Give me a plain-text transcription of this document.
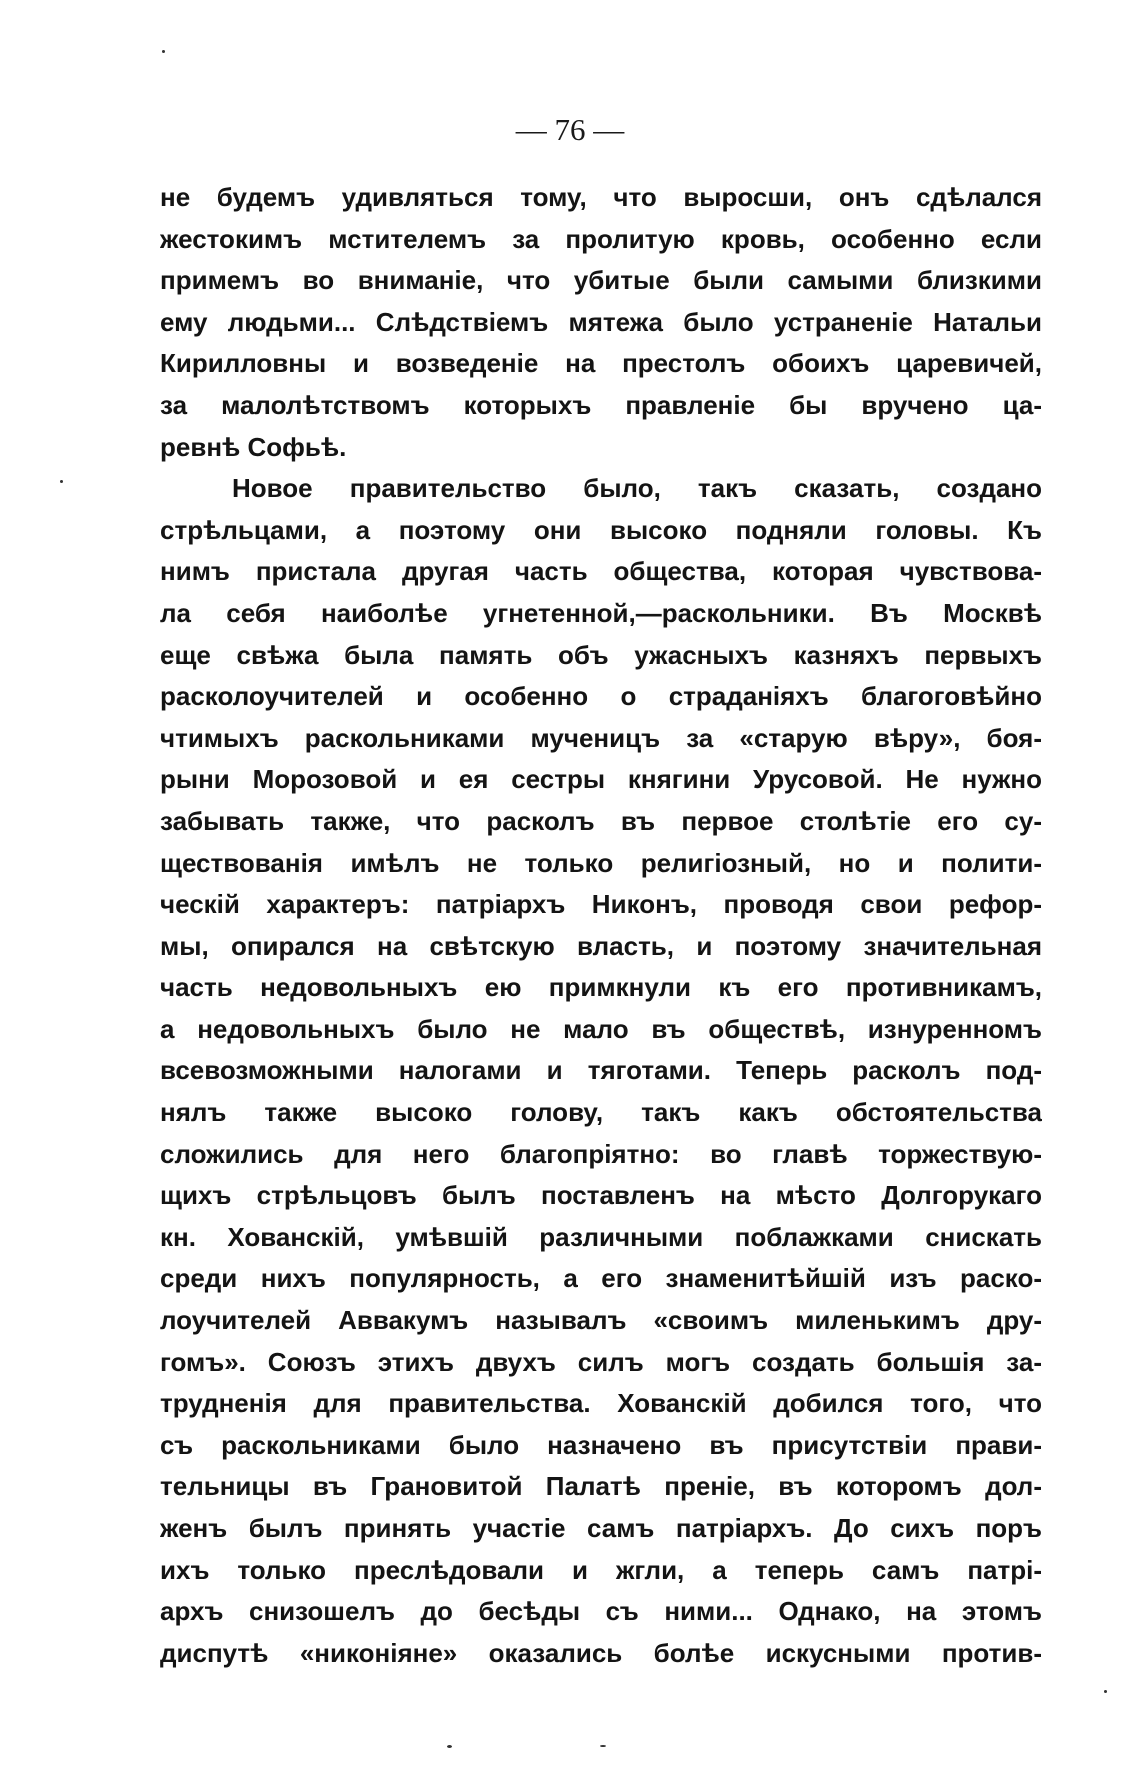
— 76 —
не будемъ удивляться тому, что выросши, онъ сдѣлался
жестокимъ мстителемъ за пролитую кровь, особенно если
примемъ во вниманіе, что убитые были самыми близкими
ему людьми... Слѣдствіемъ мятежа было устраненіе Натальи
Кирилловны и возведеніе на престолъ обоихъ царевичей,
за малолѣтствомъ которыхъ правленіе бы вручено ца-
ревнѣ Софьѣ.
Новое правительство было, такъ сказать, создано
стрѣльцами, а поэтому они высоко подняли головы. Къ
нимъ пристала другая часть общества, которая чувствова-
ла себя наиболѣе угнетенной,—раскольники. Въ Москвѣ
еще свѣжа была память объ ужасныхъ казняхъ первыхъ
расколоучителей и особенно о страданіяхъ благоговѣйно
чтимыхъ раскольниками мученицъ за «старую вѣру», боя-
рыни Морозовой и ея сестры княгини Урусовой. Не нужно
забывать также, что расколъ въ первое столѣтіе его су-
ществованія имѣлъ не только религіозный, но и полити-
ческій характеръ: патріархъ Никонъ, проводя свои рефор-
мы, опирался на свѣтскую власть, и поэтому значительная
часть недовольныхъ ею примкнули къ его противникамъ,
а недовольныхъ было не мало въ обществѣ, изнуренномъ
всевозможными налогами и тяготами. Теперь расколъ под-
нялъ также высоко голову, такъ какъ обстоятельства
сложились для него благопріятно: во главѣ торжествую-
щихъ стрѣльцовъ былъ поставленъ на мѣсто Долгорукаго
кн. Хованскій, умѣвшій различными поблажками снискать
среди нихъ популярность, а его знаменитѣйшій изъ раско-
лоучителей Аввакумъ называлъ «своимъ миленькимъ дру-
гомъ». Союзъ этихъ двухъ силъ могъ создать большія за-
трудненія для правительства. Хованскій добился того, что
съ раскольниками было назначено въ присутствіи прави-
тельницы въ Грановитой Палатѣ преніе, въ которомъ дол-
женъ былъ принять участіе самъ патріархъ. До сихъ поръ
ихъ только преслѣдовали и жгли, а теперь самъ патрі-
архъ снизошелъ до бесѣды съ ними... Однако, на этомъ
диспутѣ «никоніяне» оказались болѣе искусными против-
